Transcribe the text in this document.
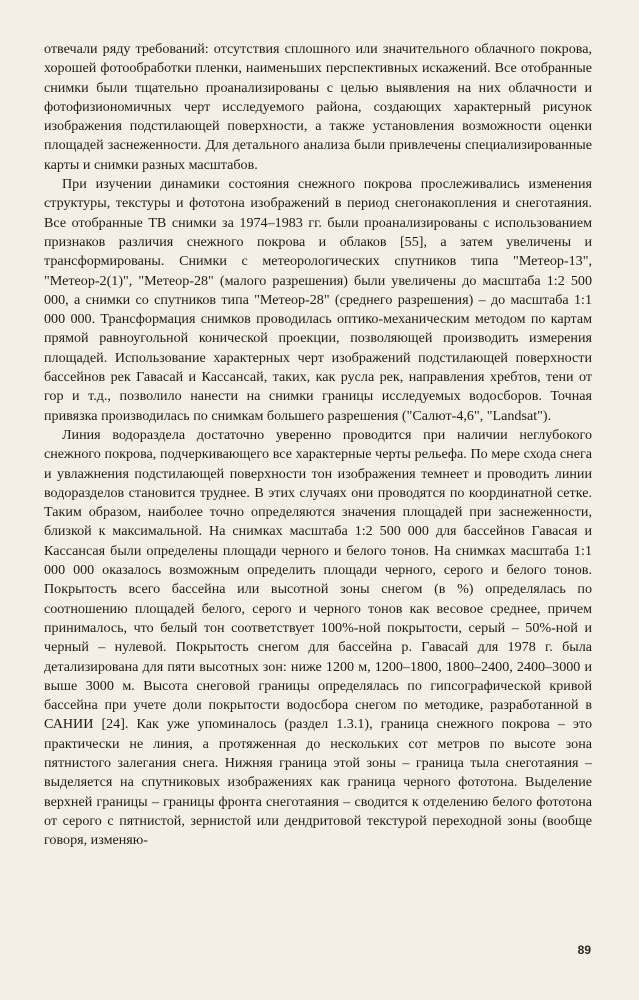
отвечали ряду требований: отсутствия сплошного или значительного облачного покрова, хорошей фотообработки пленки, наименьших перспективных искажений. Все отобранные снимки были тщательно проанализированы с целью выявления на них облачности и фотофизиономичных черт исследуемого района, создающих характерный рисунок изображения подстилающей поверхности, а также установления возможности оценки площадей заснеженности. Для детального анализа были привлечены специализированные карты и снимки разных масштабов.

При изучении динамики состояния снежного покрова прослеживались изменения структуры, текстуры и фототона изображений в период снегонакопления и снеготаяния. Все отобранные ТВ снимки за 1974–1983 гг. были проанализированы с использованием признаков различия снежного покрова и облаков [55], а затем увеличены и трансформированы. Снимки с метеорологических спутников типа "Метеор-13", "Метеор-2(1)", "Метеор-28" (малого разрешения) были увеличены до масштаба 1:2 500 000, а снимки со спутников типа "Метеор-28" (среднего разрешения) – до масштаба 1:1 000 000. Трансформация снимков проводилась оптико-механическим методом по картам прямой равноугольной конической проекции, позволяющей производить измерения площадей. Использование характерных черт изображений подстилающей поверхности бассейнов рек Гавасай и Кассансай, таких, как русла рек, направления хребтов, тени от гор и т.д., позволило нанести на снимки границы исследуемых водосборов. Точная привязка производилась по снимкам большего разрешения ("Салют-4,6", "Landsat").

Линия водораздела достаточно уверенно проводится при наличии неглубокого снежного покрова, подчеркивающего все характерные черты рельефа. По мере схода снега и увлажнения подстилающей поверхности тон изображения темнеет и проводить линии водоразделов становится труднее. В этих случаях они проводятся по координатной сетке. Таким образом, наиболее точно определяются значения площадей при заснеженности, близкой к максимальной. На снимках масштаба 1:2 500 000 для бассейнов Гавасая и Кассансая были определены площади черного и белого тонов. На снимках масштаба 1:1 000 000 оказалось возможным определить площади черного, серого и белого тонов. Покрытость всего бассейна или высотной зоны снегом (в %) определялась по соотношению площадей белого, серого и черного тонов как весовое среднее, причем принималось, что белый тон соответствует 100%-ной покрытости, серый – 50%-ной и черный – нулевой. Покрытость снегом для бассейна р. Гавасай для 1978 г. была детализирована для пяти высотных зон: ниже 1200 м, 1200–1800, 1800–2400, 2400–3000 и выше 3000 м. Высота снеговой границы определялась по гипсографической кривой бассейна при учете доли покрытости водосбора снегом по методике, разработанной в САНИИ [24]. Как уже упоминалось (раздел 1.3.1), граница снежного покрова – это практически не линия, а протяженная до нескольких сот метров по высоте зона пятнистого залегания снега. Нижняя граница этой зоны – граница тыла снеготаяния – выделяется на спутниковых изображениях как граница черного фототона. Выделение верхней границы – границы фронта снеготаяния – сводится к отделению белого фототона от серого с пятнистой, зернистой или дендритовой текстурой переходной зоны (вообще говоря, изменяю-

89
